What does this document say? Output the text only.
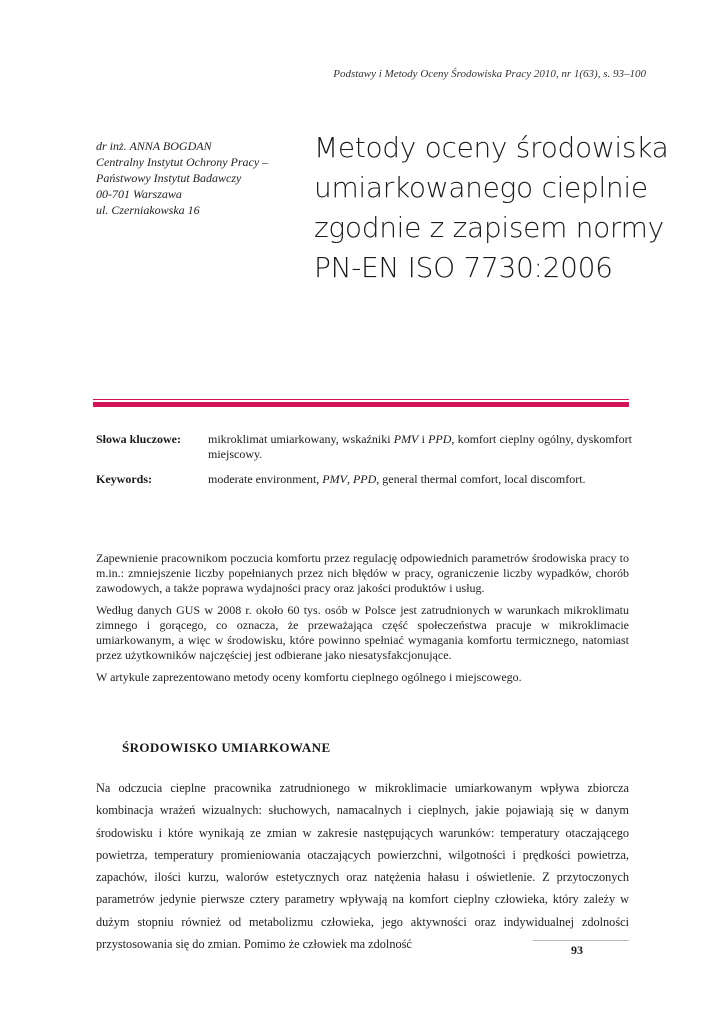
Podstawy i Metody Oceny Środowiska Pracy 2010, nr 1(63), s. 93–100
dr inż. ANNA BOGDAN
Centralny Instytut Ochrony Pracy –
Państwowy Instytut Badawczy
00-701 Warszawa
ul. Czerniakowska 16
Metody oceny środowiska
umiarkowanego cieplnie
zgodnie z zapisem normy
PN-EN ISO 7730:2006
Słowa kluczowe:	mikroklimat umiarkowany, wskaźniki PMV i PPD, komfort cieplny ogólny, dyskomfort miejscowy.
Keywords:	moderate environment, PMV, PPD, general thermal comfort, local discomfort.

Zapewnienie pracownikom poczucia komfortu przez regulację odpowiednich parametrów środowiska pracy to m.in.: zmniejszenie liczby popełnianych przez nich błędów w pracy, ograniczenie liczby wypadków, chorób zawodowych, a także poprawa wydajności pracy oraz jakości produktów i usług.

Według danych GUS w 2008 r. około 60 tys. osób w Polsce jest zatrudnionych w warunkach mikroklimatu zimnego i gorącego, co oznacza, że przeważająca część społeczeństwa pracuje w mikroklimacie umiarkowanym, a więc w środowisku, które powinno spełniać wymagania komfortu termicznego, natomiast przez użytkowników najczęściej jest odbierane jako niesatysfakcjonujące.

W artykule zaprezentowano metody oceny komfortu cieplnego ogólnego i miejscowego.

ŚRODOWISKO UMIARKOWANE
Na odczucia cieplne pracownika zatrudnionego w mikroklimacie umiarkowanym wpływa zbiorcza kombinacja wrażeń wizualnych: słuchowych, namacalnych i cieplnych, jakie pojawiają się w danym środowisku i które wynikają ze zmian w zakresie następujących warunków: temperatury otaczającego powietrza, temperatury promieniowania otaczających powierzchni, wilgotności i prędkości powietrza, zapachów, ilości kurzu, walorów estetycznych oraz natężenia hałasu i oświetlenie. Z przytoczonych parametrów jedynie pierwsze cztery parametry wpływają na komfort cieplny człowieka, który zależy w dużym stopniu również od metabolizmu człowieka, jego aktywności oraz indywidualnej zdolności przystosowania się do zmian. Pomimo że człowiek ma zdolność	93
